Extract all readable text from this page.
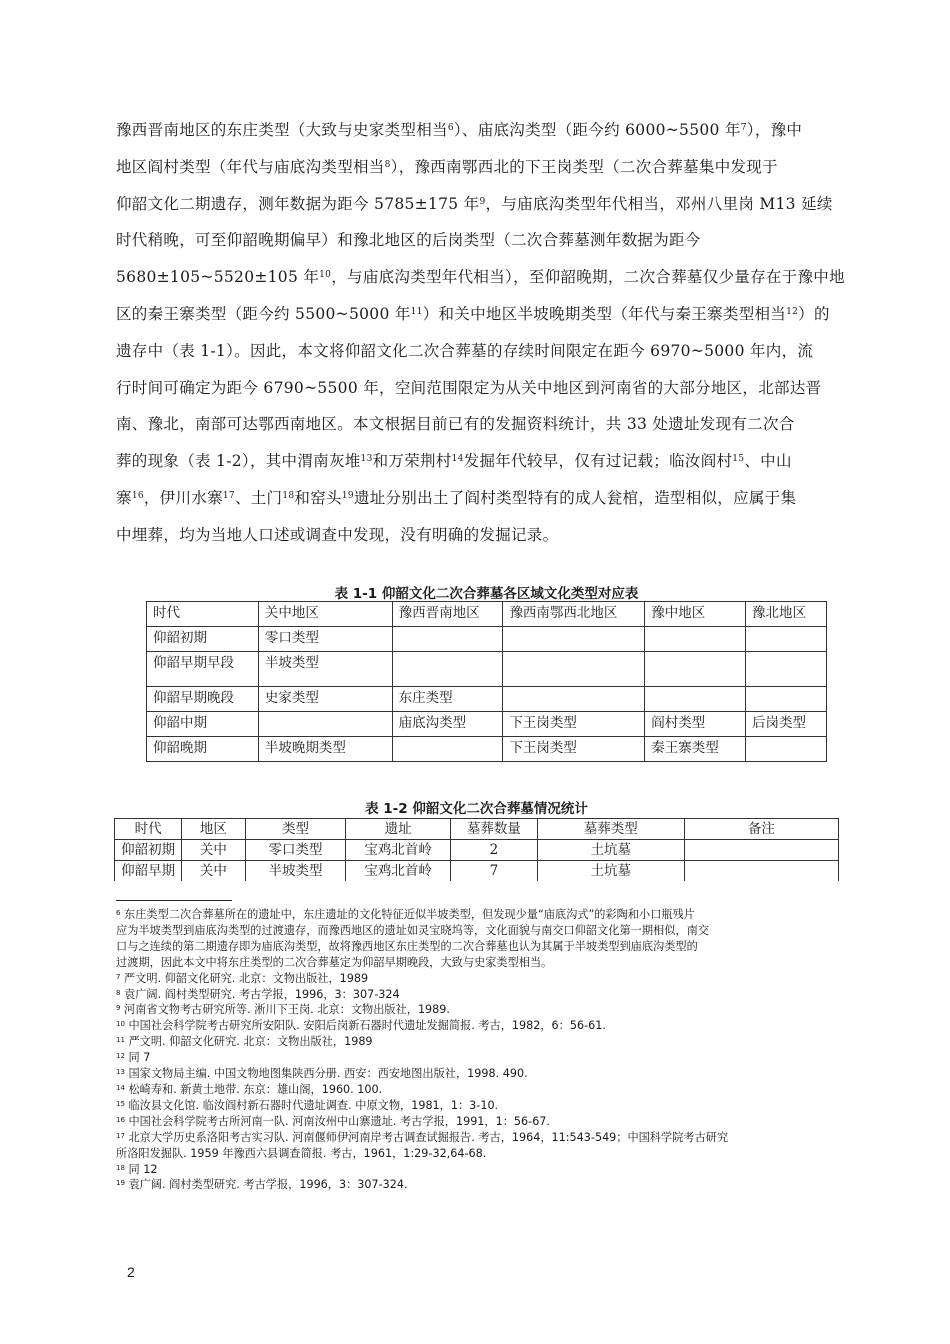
豫西晋南地区的东庄类型（大致与史家类型相当$^6$）、庙底沟类型（距今约 6000~5500 年$^7$），豫中

地区阎村类型（年代与庙底沟类型相当$^8$），豫西南鄂西北的下王岗类型（二次合葬墓集中发现于

仰韶文化二期遗存，测年数据为距今 5785±175 年$^9$，与庙底沟类型年代相当，邓州八里岗 M13 延续

时代稍晚，可至仰韶晚期偏早）和豫北地区的后岗类型（二次合葬墓测年数据为距今

5680±105~5520±105 年$^{10}$，与庙底沟类型年代相当），至仰韶晚期，二次合葬墓仅少量存在于豫中地

区的秦王寨类型（距今约 5500~5000 年$^{11}$）和关中地区半坡晚期类型（年代与秦王寨类型相当$^{12}$）的

遗存中（表 1-1）。因此，本文将仰韶文化二次合葬墓的存续时间限定在距今 6970~5000 年内，流

行时间可确定为距今 6790~5500 年，空间范围限定为从关中地区到河南省的大部分地区，北部达晋

南、豫北，南部可达鄂西南地区。本文根据目前已有的发掘资料统计，共 33 处遗址发现有二次合

葬的现象（表 1-2），其中渭南灰堆$^{13}$和万荣荆村$^{14}$发掘年代较早，仅有过记载；临汝阎村$^{15}$、中山

寨$^{16}$，伊川水寨$^{17}$、土门$^{18}$和窑头$^{19}$遗址分别出土了阎村类型特有的成人瓮棺，造型相似，应属于集

中埋葬，均为当地人口述或调查中发现，没有明确的发掘记录。

表 1-1 仰韶文化二次合葬墓各区域文化类型对应表
时代	关中地区	豫西晋南地区	豫西南鄂西北地区	豫中地区	豫北地区
仰韶初期	零口类型				
仰韶早期早段	半坡类型				
仰韶早期晚段	史家类型	东庄类型			
仰韶中期		庙底沟类型	下王岗类型	阎村类型	后岗类型
仰韶晚期	半坡晚期类型		下王岗类型	秦王寨类型	
表 1-2 仰韶文化二次合葬墓情况统计
时代	地区	类型	遗址	墓葬数量	墓葬类型	备注
仰韶初期	关中	零口类型	宝鸡北首岭	2	土坑墓	
仰韶早期	关中	半坡类型	宝鸡北首岭	7	土坑墓	

$^6$ 东庄类型二次合葬墓所在的遗址中，东庄遗址的文化特征近似半坡类型，但发现少量“庙底沟式”的彩陶和小口瓶残片

应为半坡类型到庙底沟类型的过渡遗存，而豫西地区的遗址如灵宝晓坞等，文化面貌与南交口仰韶文化第一期相似，南交

口与之连续的第二期遗存即为庙底沟类型，故将豫西地区东庄类型的二次合葬墓也认为其属于半坡类型到庙底沟类型的

过渡期，因此本文中将东庄类型的二次合葬墓定为仰韶早期晚段，大致与史家类型相当。

$^7$ 严文明. 仰韶文化研究. 北京：文物出版社，1989

$^8$ 袁广阔. 阎村类型研究. 考古学报，1996，3：307-324

$^9$ 河南省文物考古研究所等. 淅川下王岗. 北京：文物出版社，1989.

$^{10}$ 中国社会科学院考古研究所安阳队. 安阳后岗新石器时代遗址发掘简报. 考古，1982，6：56-61.

$^{11}$ 严文明. 仰韶文化研究. 北京：文物出版社，1989

$^{12}$ 同 7

$^{13}$ 国家文物局主编. 中国文物地图集陕西分册. 西安：西安地图出版社，1998. 490.

$^{14}$ 松崎寿和. 新黄土地带. 东京：雄山阁，1960. 100.

$^{15}$ 临汝县文化馆. 临汝阎村新石器时代遗址调查. 中原文物，1981，1：3-10.

$^{16}$ 中国社会科学院考古所河南一队. 河南汝州中山寨遗址. 考古学报，1991，1：56-67.

$^{17}$ 北京大学历史系洛阳考古实习队. 河南偃师伊河南岸考古调查试掘报告. 考古，1964，11:543-549；中国科学院考古研究

所洛阳发掘队. 1959 年豫西六县调查简报. 考古，1961，1:29-32,64-68.

$^{18}$ 同 12

$^{19}$ 袁广阔. 阎村类型研究. 考古学报，1996，3：307-324.

2
